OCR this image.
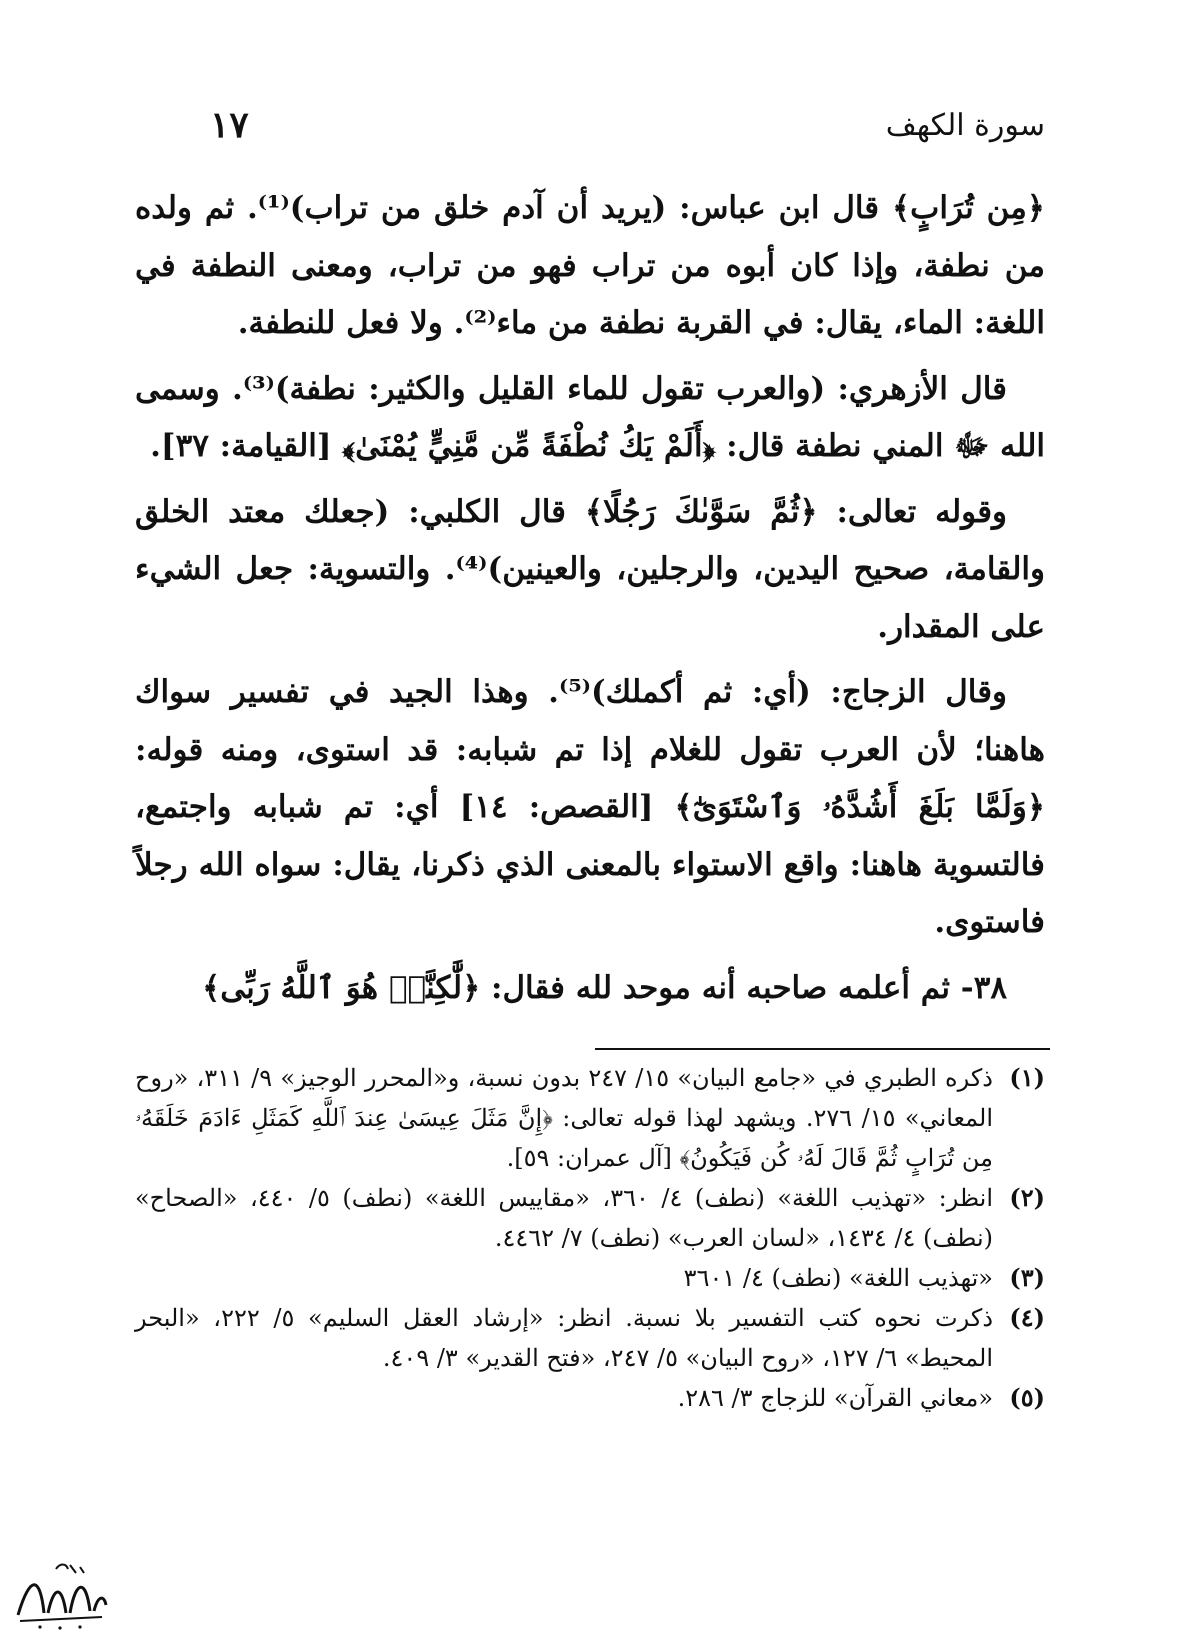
سورة الكهف
١٧

﴿مِن تُرَابٍ﴾ قال ابن عباس: (يريد أن آدم خلق من تراب)⁽¹⁾. ثم ولده من نطفة، وإذا كان أبوه من تراب فهو من تراب، ومعنى النطفة في اللغة: الماء، يقال: في القربة نطفة من ماء⁽²⁾. ولا فعل للنطفة.

قال الأزهري: (والعرب تقول للماء القليل والكثير: نطفة)⁽³⁾. وسمى الله ﷻ المني نطفة قال: ﴿أَلَمْ يَكُ نُطْفَةً مِّن مَّنِيٍّ يُمْنَىٰ﴾ [القيامة: ٣٧].

وقوله تعالى: ﴿ثُمَّ سَوَّىٰكَ رَجُلًا﴾ قال الكلبي: (جعلك معتد الخلق والقامة، صحيح اليدين، والرجلين، والعينين)⁽⁴⁾. والتسوية: جعل الشيء على المقدار.

وقال الزجاج: (أي: ثم أكملك)⁽⁵⁾. وهذا الجيد في تفسير سواك هاهنا؛ لأن العرب تقول للغلام إذا تم شبابه: قد استوى، ومنه قوله: ﴿وَلَمَّا بَلَغَ أَشُدَّهُۥ وَٱسْتَوَىٰٓ﴾ [القصص: ١٤] أي: تم شبابه واجتمع، فالتسوية هاهنا: واقع الاستواء بالمعنى الذي ذكرنا، يقال: سواه الله رجلاً فاستوى.

٣٨- ثم أعلمه صاحبه أنه موحد لله فقال: ﴿لَّٰكِنَّا۠ هُوَ ٱللَّهُ رَبِّى﴾

(١)
ذكره الطبري في «جامع البيان» ١٥/ ٢٤٧ بدون نسبة، و«المحرر الوجيز» ٩/ ٣١١، «روح المعاني» ١٥/ ٢٧٦. ويشهد لهذا قوله تعالى: ﴿إِنَّ مَثَلَ عِيسَىٰ عِندَ ٱللَّهِ كَمَثَلِ ءَادَمَ خَلَقَهُۥ مِن تُرَابٍ ثُمَّ قَالَ لَهُۥ كُن فَيَكُونُ﴾ [آل عمران: ٥٩].
(٢)
انظر: «تهذيب اللغة» (نطف) ٤/ ٣٦٠، «مقاييس اللغة» (نطف) ٥/ ٤٤٠، «الصحاح» (نطف) ٤/ ١٤٣٤، «لسان العرب» (نطف) ٧/ ٤٤٦٢.
(٣)
«تهذيب اللغة» (نطف) ٤/ ٣٦٠١
(٤)
ذكرت نحوه كتب التفسير بلا نسبة. انظر: «إرشاد العقل السليم» ٥/ ٢٢٢، «البحر المحيط» ٦/ ١٢٧، «روح البيان» ٥/ ٢٤٧، «فتح القدير» ٣/ ٤٠٩.
(٥)
«معاني القرآن» للزجاج ٣/ ٢٨٦.
